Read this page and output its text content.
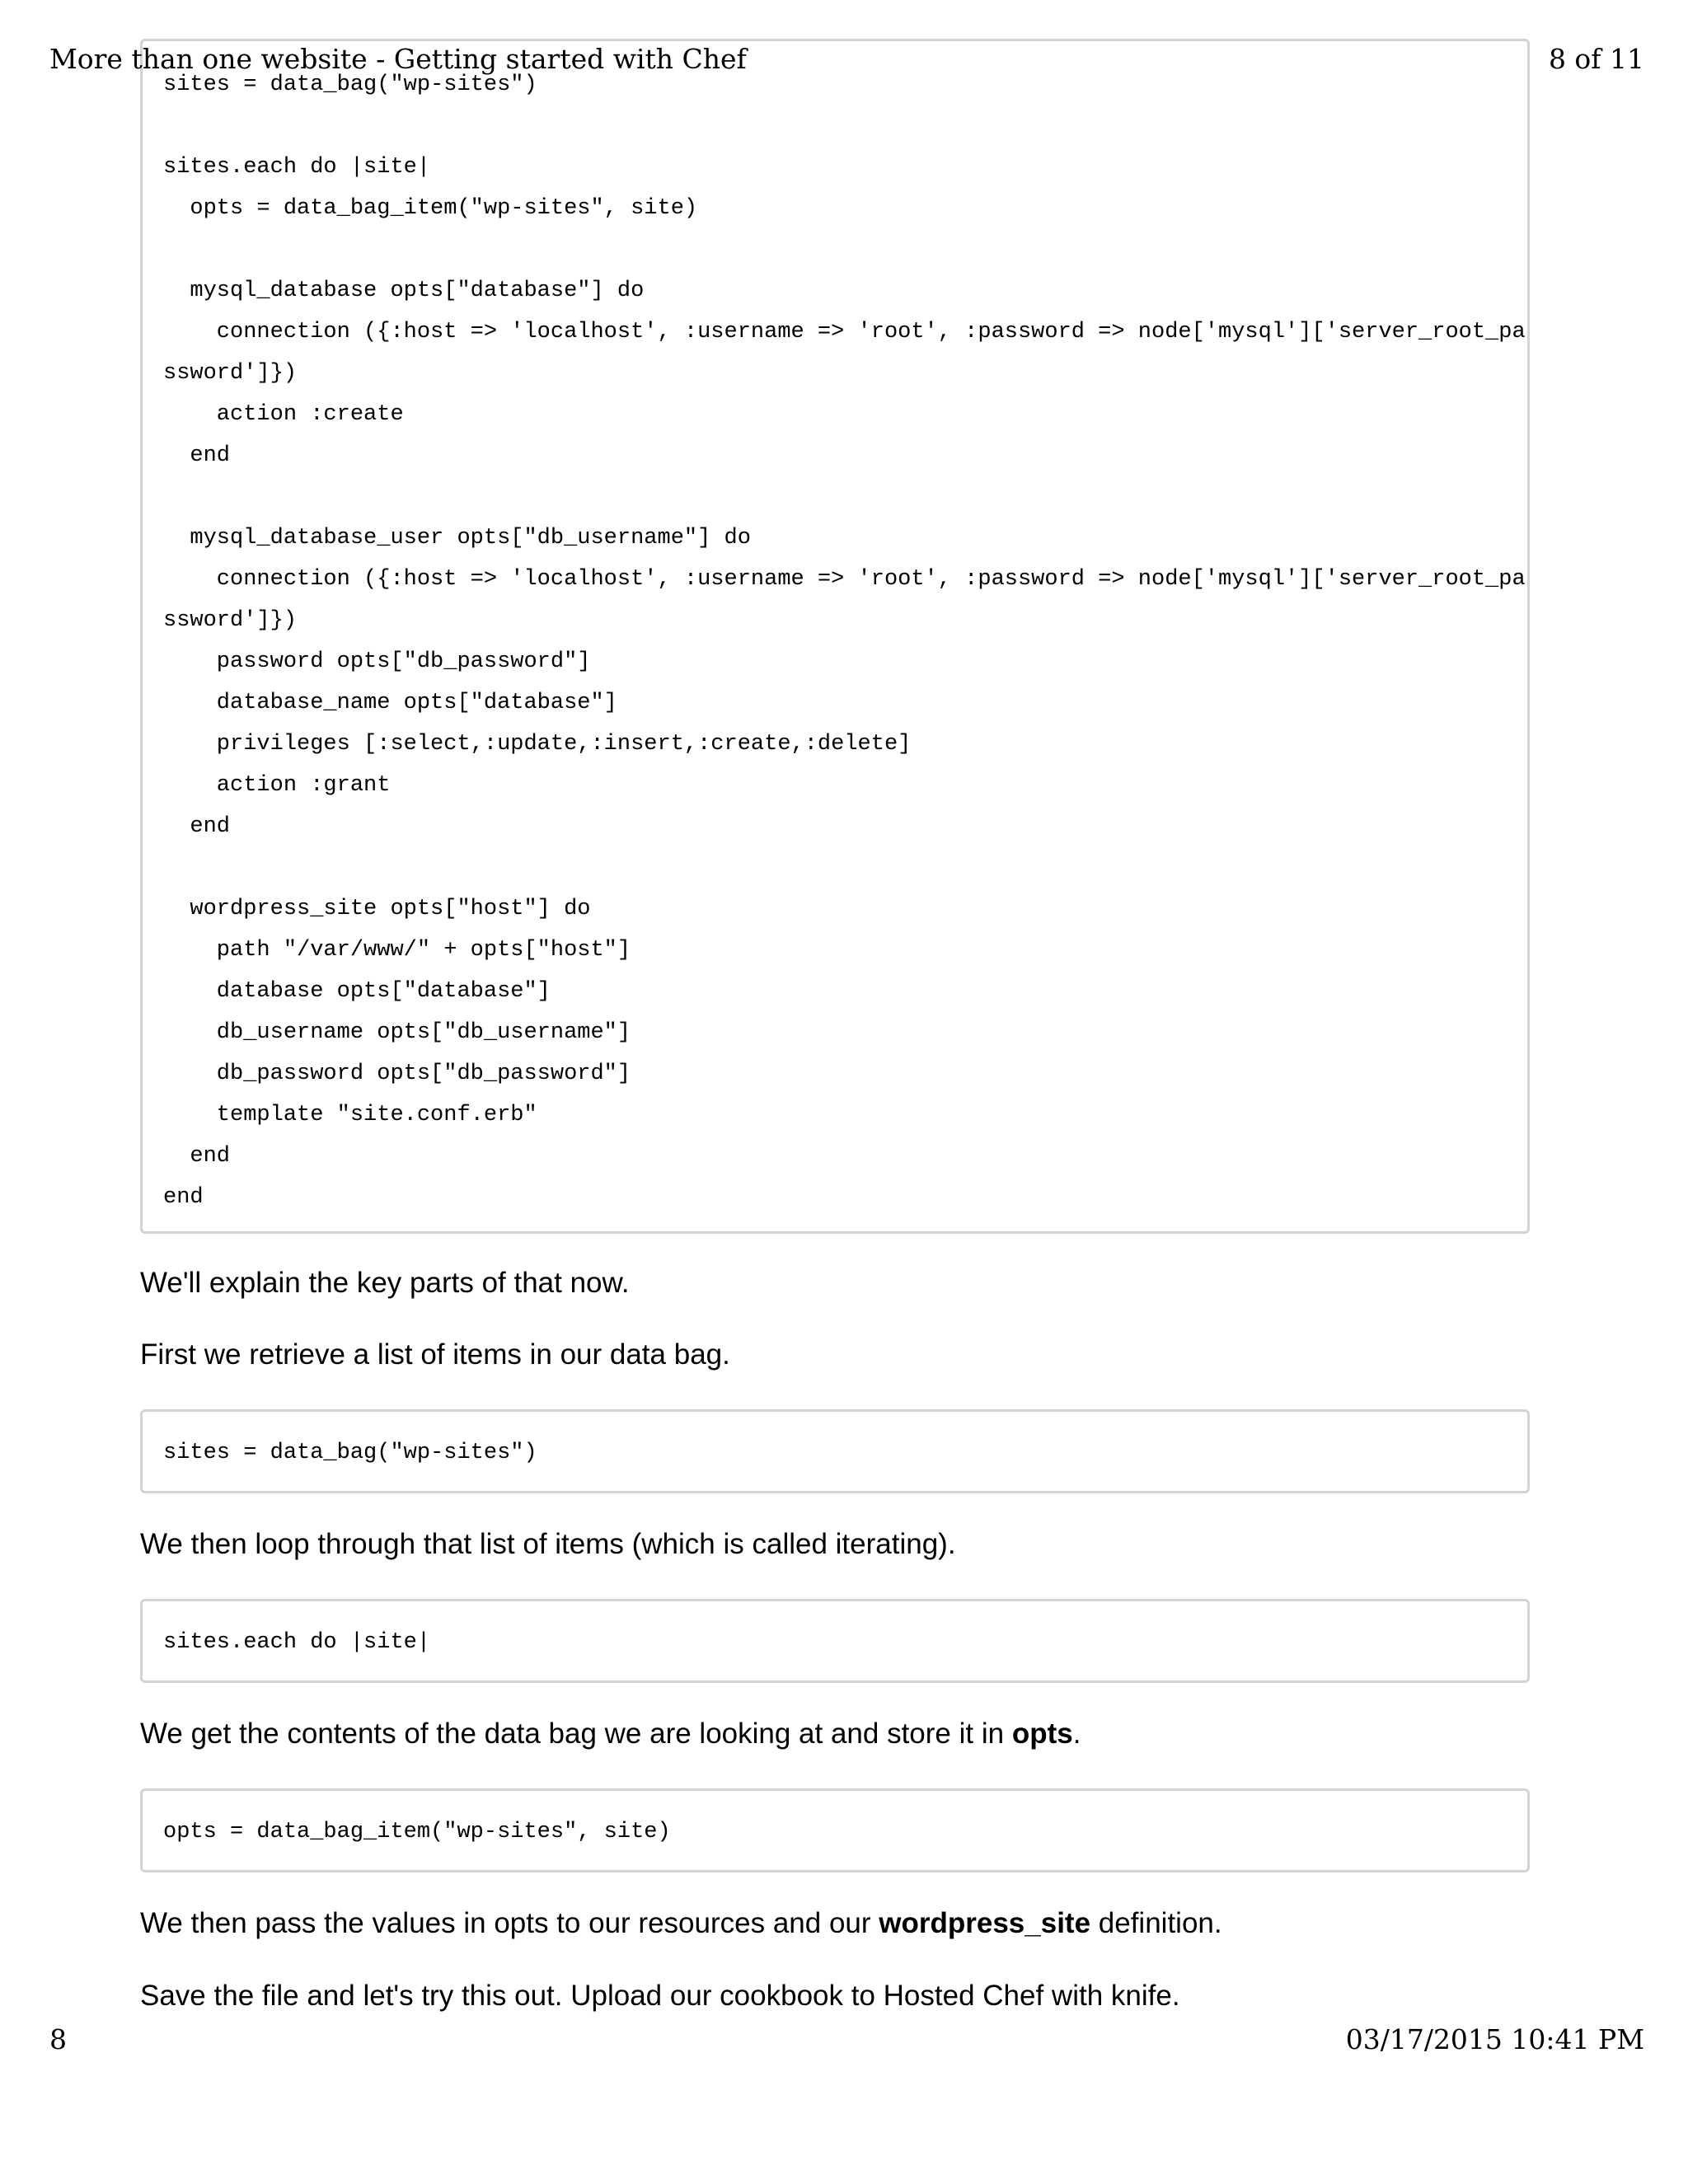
More than one website - Getting started with Chef	8 of 11
sites = data_bag("wp-sites")

sites.each do |site|
opts = data_bag_item("wp-sites", site)

mysql_database opts["database"] do
connection ({:host => 'localhost', :username => 'root', :password => node['mysql']['server_root_pa
ssword']})
action :create
end

mysql_database_user opts["db_username"] do
connection ({:host => 'localhost', :username => 'root', :password => node['mysql']['server_root_pa
ssword']})
password opts["db_password"]
database_name opts["database"]
privileges [:select,:update,:insert,:create,:delete]
action :grant
end

wordpress_site opts["host"] do
path "/var/www/" + opts["host"]
database opts["database"]
db_username opts["db_username"]
db_password opts["db_password"]
template "site.conf.erb"
end
end
We'll explain the key parts of that now.
First we retrieve a list of items in our data bag.
sites = data_bag("wp-sites")
We then loop through that list of items (which is called iterating).
sites.each do |site|
We get the contents of the data bag we are looking at and store it in opts.
opts = data_bag_item("wp-sites", site)
We then pass the values in opts to our resources and our wordpress_site definition.
Save the file and let's try this out. Upload our cookbook to Hosted Chef with knife.
8	03/17/2015 10:41 PM
